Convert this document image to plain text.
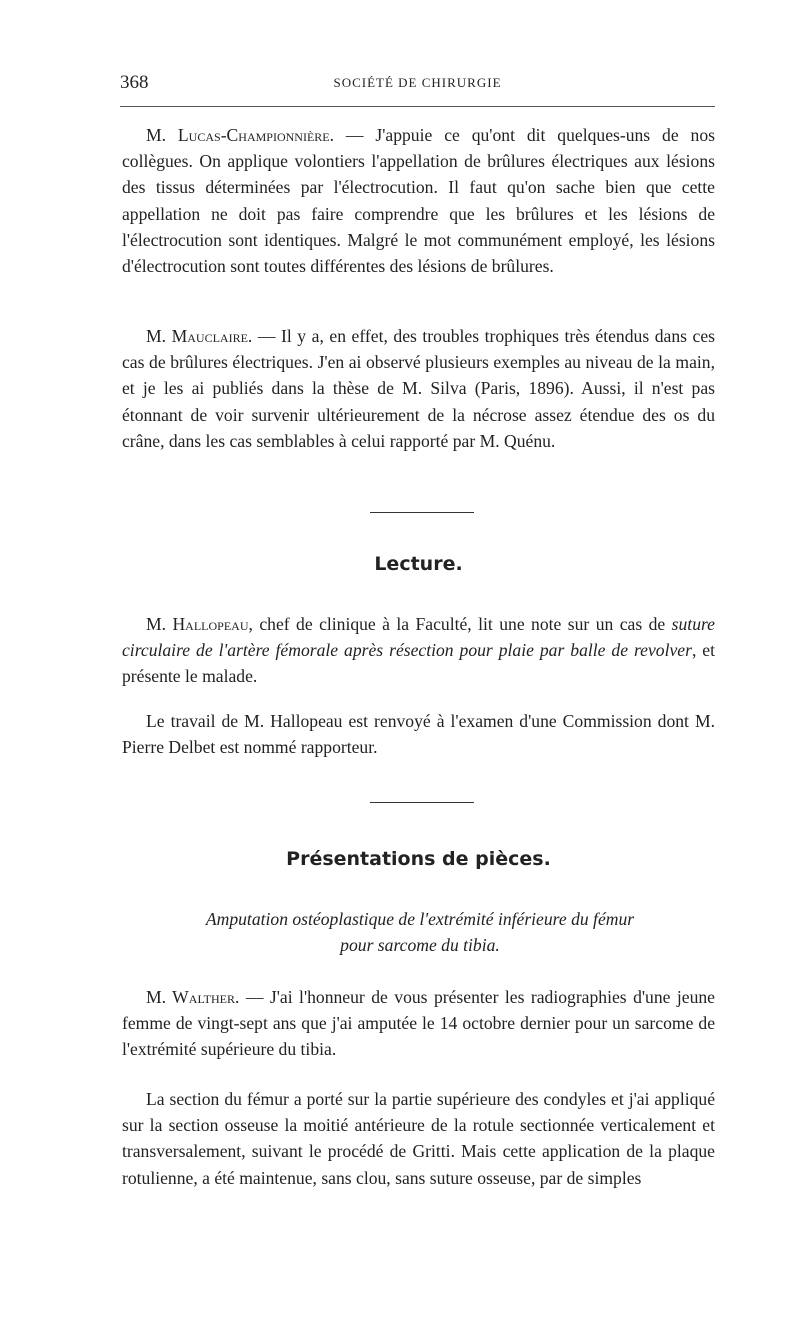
368	SOCIÉTÉ DE CHIRURGIE

M. Lucas-Championnière. — J'appuie ce qu'ont dit quelques-uns de nos collègues. On applique volontiers l'appellation de brûlures électriques aux lésions des tissus déterminées par l'électrocution. Il faut qu'on sache bien que cette appellation ne doit pas faire comprendre que les brûlures et les lésions de l'électrocution sont identiques. Malgré le mot communément employé, les lésions d'électrocution sont toutes différentes des lésions de brûlures.

M. Mauclaire. — Il y a, en effet, des troubles trophiques très étendus dans ces cas de brûlures électriques. J'en ai observé plusieurs exemples au niveau de la main, et je les ai publiés dans la thèse de M. Silva (Paris, 1896). Aussi, il n'est pas étonnant de voir survenir ultérieurement de la nécrose assez étendue des os du crâne, dans les cas semblables à celui rapporté par M. Quénu.

Lecture.

M. Hallopeau, chef de clinique à la Faculté, lit une note sur un cas de suture circulaire de l'artère fémorale après résection pour plaie par balle de revolver, et présente le malade.

Le travail de M. Hallopeau est renvoyé à l'examen d'une Commission dont M. Pierre Delbet est nommé rapporteur.

Présentations de pièces.

Amputation ostéoplastique de l'extrémité inférieure du fémur
pour sarcome du tibia.

M. Walther. — J'ai l'honneur de vous présenter les radiographies d'une jeune femme de vingt-sept ans que j'ai amputée le 14 octobre dernier pour un sarcome de l'extrémité supérieure du tibia.

La section du fémur a porté sur la partie supérieure des condyles et j'ai appliqué sur la section osseuse la moitié antérieure de la rotule sectionnée verticalement et transversalement, suivant le procédé de Gritti. Mais cette application de la plaque rotulienne, a été maintenue, sans clou, sans suture osseuse, par de simples
